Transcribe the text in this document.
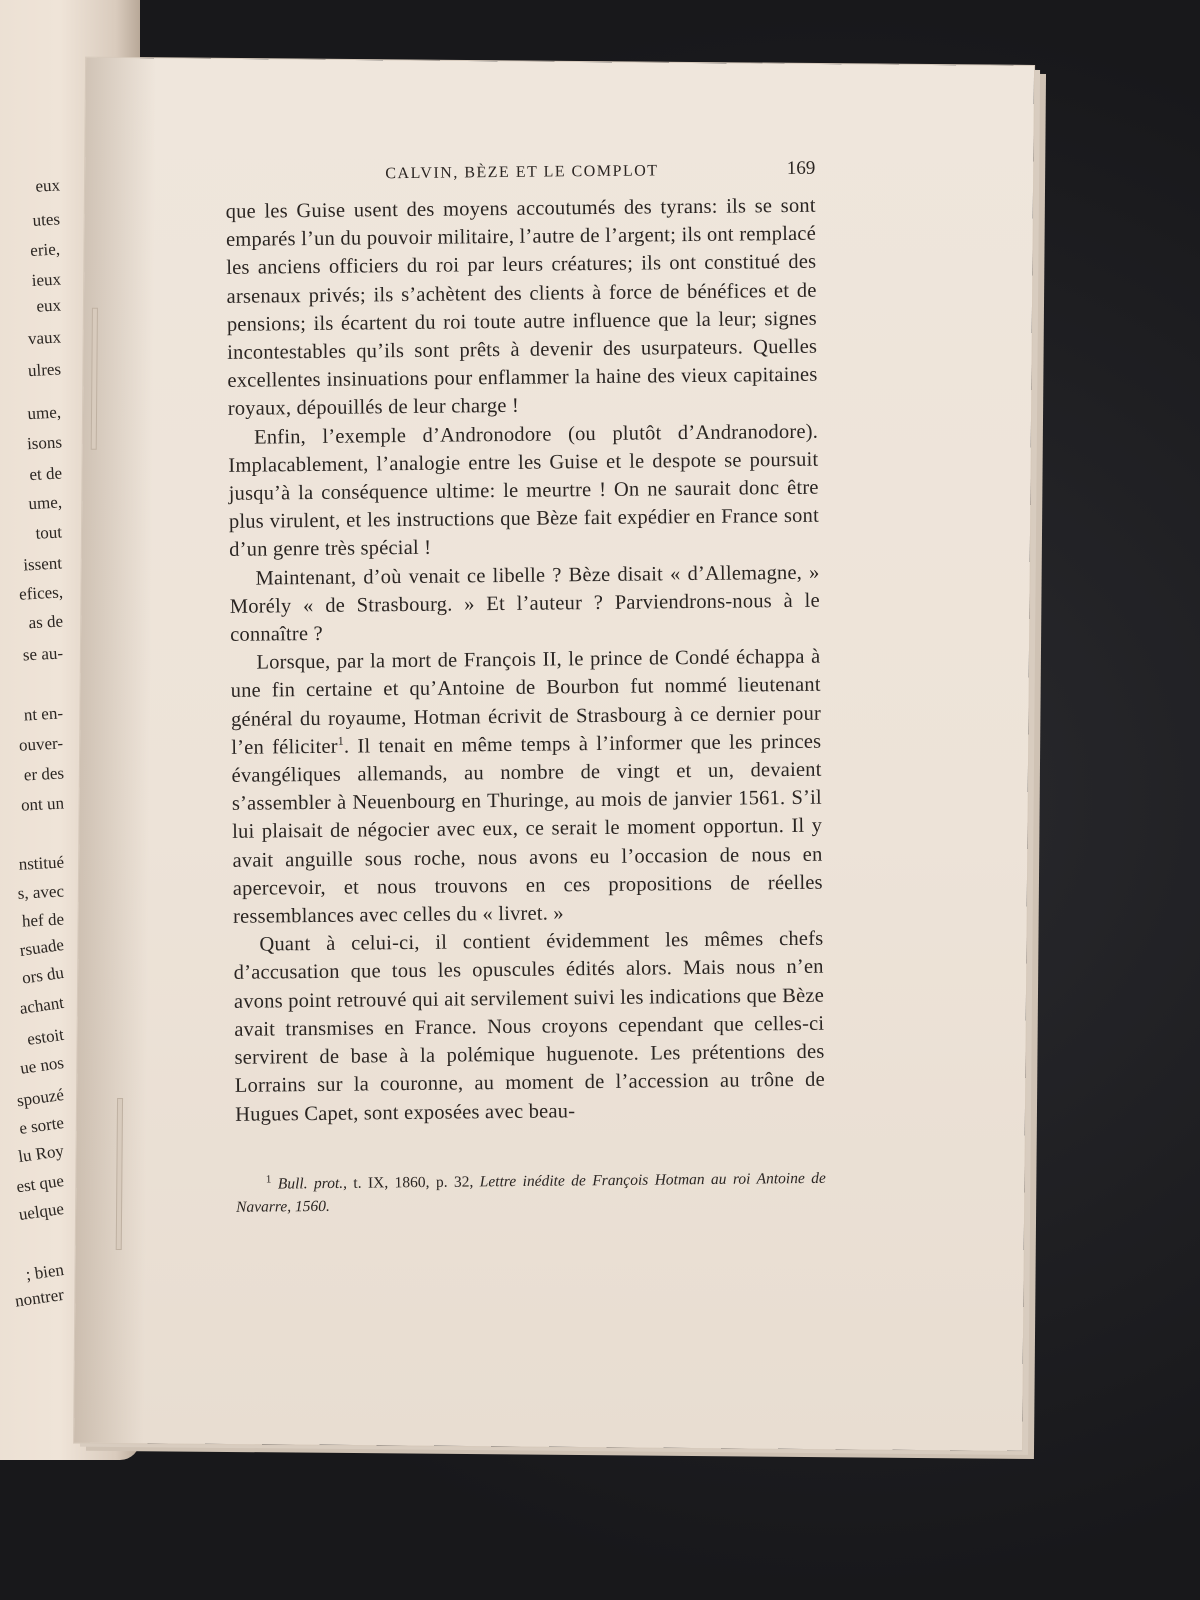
eux
utes
erie,
ieux
eux
vaux
ulres
ume,
isons
et de
ume,
tout
issent
efices,
as de
se au-
nt en-
ouver-
er des
ont un
nstitué
s, avec
hef de
rsuade
ors du
achant
estoit
ue nos
spouzé
e sorte
lu Roy
est que
uelque
; bien
nontrer
CALVIN, BÈZE ET LE COMPLOT	169

que les Guise usent des moyens accoutumés des tyrans: ils se sont emparés l’un du pouvoir militaire, l’autre de l’argent; ils ont remplacé les anciens officiers du roi par leurs créatures; ils ont constitué des arsenaux privés; ils s’achètent des clients à force de bénéfices et de pensions; ils écartent du roi toute autre influence que la leur; signes incontestables qu’ils sont prêts à devenir des usurpateurs. Quelles excellentes insinuations pour enflammer la haine des vieux capitaines royaux, dépouillés de leur charge !

Enfin, l’exemple d’Andronodore (ou plutôt d’Andranodore). Implacablement, l’analogie entre les Guise et le despote se poursuit jusqu’à la conséquence ultime: le meurtre ! On ne saurait donc être plus virulent, et les instructions que Bèze fait expédier en France sont d’un genre très spécial !

Maintenant, d’où venait ce libelle ? Bèze disait « d’Allemagne, » Morély « de Strasbourg. » Et l’auteur ? Parviendrons-nous à le connaître ?

Lorsque, par la mort de François II, le prince de Condé échappa à une fin certaine et qu’Antoine de Bourbon fut nommé lieutenant général du royaume, Hotman écrivit de Strasbourg à ce dernier pour l’en féliciter$^1$. Il tenait en même temps à l’informer que les princes évangéliques allemands, au nombre de vingt et un, devaient s’assembler à Neuenbourg en Thuringe, au mois de janvier 1561. S’il lui plaisait de négocier avec eux, ce serait le moment opportun. Il y avait anguille sous roche, nous avons eu l’occasion de nous en apercevoir, et nous trouvons en ces propositions de réelles ressemblances avec celles du « livret. »

Quant à celui-ci, il contient évidemment les mêmes chefs d’accusation que tous les opuscules édités alors. Mais nous n’en avons point retrouvé qui ait servilement suivi les indications que Bèze avait transmises en France. Nous croyons cependant que celles-ci servirent de base à la polémique huguenote. Les prétentions des Lorrains sur la couronne, au moment de l’accession au trône de Hugues Capet, sont exposées avec beau-

$^1$ Bull. prot., t. IX, 1860, p. 32, Lettre inédite de François Hotman au roi Antoine de Navarre, 1560.
